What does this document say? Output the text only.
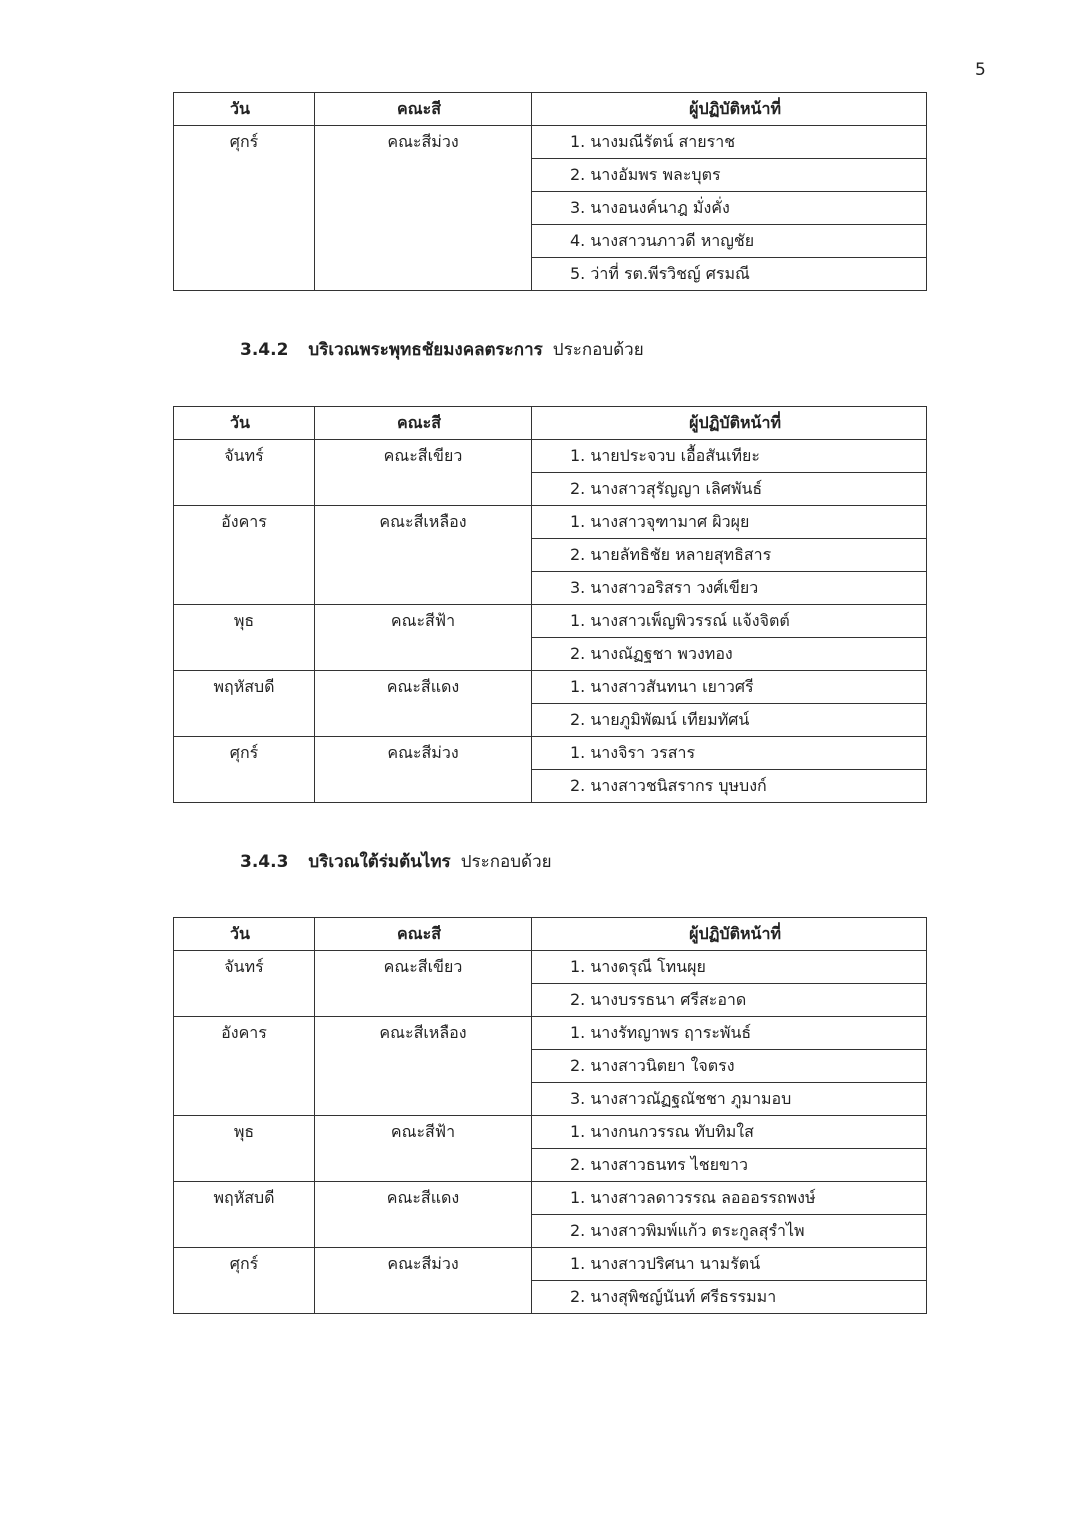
5
วัน	คณะสี	ผู้ปฏิบัติหน้าที่
ศุกร์	คณะสีม่วง	1. นางมณีรัตน์ สายราช
		2. นางอัมพร พละบุตร
		3. นางอนงค์นาฎ มั่งคั่ง
		4. นางสาวนภาวดี หาญชัย
		5. ว่าที่ รต.พีรวิชญ์ ศรมณี
3.4.2 บริเวณพระพุทธชัยมงคลตระการ ประกอบด้วย
วัน	คณะสี	ผู้ปฏิบัติหน้าที่
จันทร์	คณะสีเขียว	1. นายประจวบ เอื้อสันเทียะ
		2. นางสาวสุรัญญา เลิศพันธ์
อังคาร	คณะสีเหลือง	1. นางสาวจุฑามาศ ผิวผุย
		2. นายลัทธิชัย หลายสุทธิสาร
		3. นางสาวอริสรา วงศ์เขียว
พุธ	คณะสีฟ้า	1. นางสาวเพ็ญพิวรรณ์ แจ้งจิตต์
		2. นางณัฏฐชา พวงทอง
พฤหัสบดี	คณะสีแดง	1. นางสาวสันทนา เยาวศรี
		2. นายภูมิพัฒน์ เทียมทัศน์
ศุกร์	คณะสีม่วง	1. นางจิรา วรสาร
		2. นางสาวชนิสรากร บุษบงก์
3.4.3 บริเวณใต้ร่มต้นไทร ประกอบด้วย
วัน	คณะสี	ผู้ปฏิบัติหน้าที่
จันทร์	คณะสีเขียว	1. นางดรุณี โทนผุย
		2. นางบรรธนา ศรีสะอาด
อังคาร	คณะสีเหลือง	1. นางรัทญาพร ฤาระพันธ์
		2. นางสาวนิตยา ใจตรง
		3. นางสาวณัฏฐณัชชา ภูมามอบ
พุธ	คณะสีฟ้า	1. นางกนกวรรณ ทับทิมใส
		2. นางสาวธนทร ไชยขาว
พฤหัสบดี	คณะสีแดง	1. นางสาวลดาวรรณ ลอออรรถพงษ์
		2. นางสาวพิมพ์แก้ว ตระกูลสุรำไพ
ศุกร์	คณะสีม่วง	1. นางสาวปริศนา นามรัตน์
		2. นางสุพิชญ์นันท์ ศรีธรรมมา
